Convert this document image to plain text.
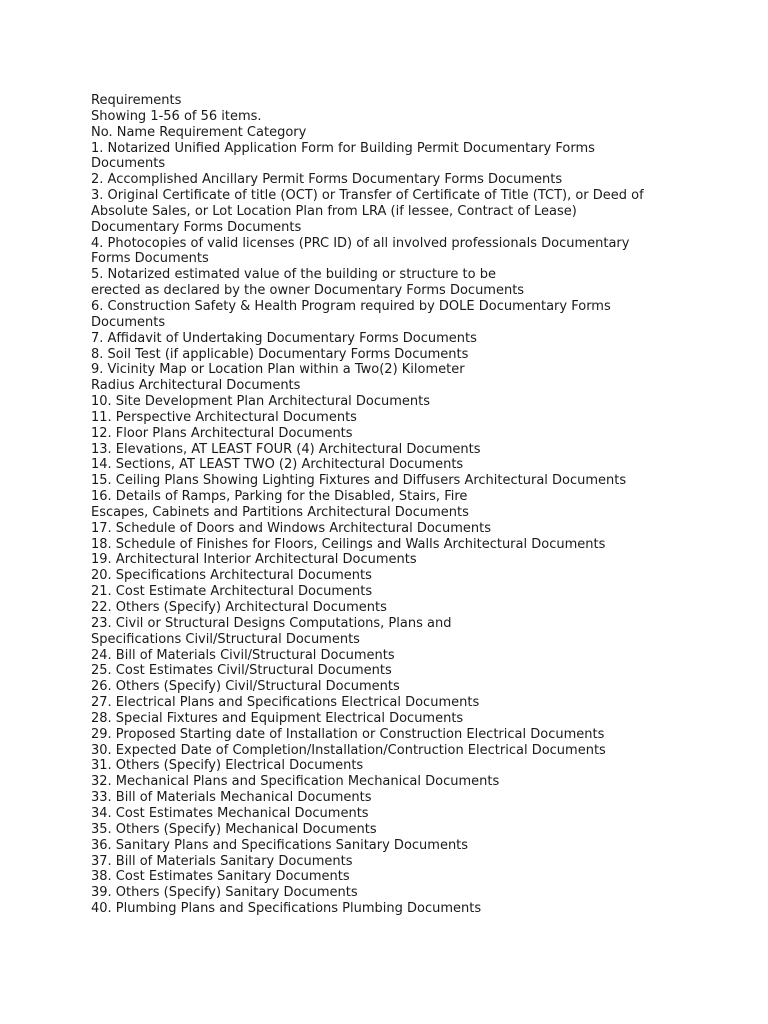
Requirements
Showing 1-56 of 56 items.
No. Name Requirement Category
1. Notarized Unified Application Form for Building Permit Documentary Forms
Documents
2. Accomplished Ancillary Permit Forms Documentary Forms Documents
3. Original Certificate of title (OCT) or Transfer of Certificate of Title (TCT), or Deed of
Absolute Sales, or Lot Location Plan from LRA (if lessee, Contract of Lease)
Documentary Forms Documents
4. Photocopies of valid licenses (PRC ID) of all involved professionals Documentary
Forms Documents
5. Notarized estimated value of the building or structure to be
erected as declared by the owner Documentary Forms Documents
6. Construction Safety & Health Program required by DOLE Documentary Forms
Documents
7. Affidavit of Undertaking Documentary Forms Documents
8. Soil Test (if applicable) Documentary Forms Documents
9. Vicinity Map or Location Plan within a Two(2) Kilometer
Radius Architectural Documents
10. Site Development Plan Architectural Documents
11. Perspective Architectural Documents
12. Floor Plans Architectural Documents
13. Elevations, AT LEAST FOUR (4) Architectural Documents
14. Sections, AT LEAST TWO (2) Architectural Documents
15. Ceiling Plans Showing Lighting Fixtures and Diffusers Architectural Documents
16. Details of Ramps, Parking for the Disabled, Stairs, Fire
Escapes, Cabinets and Partitions Architectural Documents
17. Schedule of Doors and Windows Architectural Documents
18. Schedule of Finishes for Floors, Ceilings and Walls Architectural Documents
19. Architectural Interior Architectural Documents
20. Specifications Architectural Documents
21. Cost Estimate Architectural Documents
22. Others (Specify) Architectural Documents
23. Civil or Structural Designs Computations, Plans and
Specifications Civil/Structural Documents
24. Bill of Materials Civil/Structural Documents
25. Cost Estimates Civil/Structural Documents
26. Others (Specify) Civil/Structural Documents
27. Electrical Plans and Specifications Electrical Documents
28. Special Fixtures and Equipment Electrical Documents
29. Proposed Starting date of Installation or Construction Electrical Documents
30. Expected Date of Completion/Installation/Contruction Electrical Documents
31. Others (Specify) Electrical Documents
32. Mechanical Plans and Specification Mechanical Documents
33. Bill of Materials Mechanical Documents
34. Cost Estimates Mechanical Documents
35. Others (Specify) Mechanical Documents
36. Sanitary Plans and Specifications Sanitary Documents
37. Bill of Materials Sanitary Documents
38. Cost Estimates Sanitary Documents
39. Others (Specify) Sanitary Documents
40. Plumbing Plans and Specifications Plumbing Documents
